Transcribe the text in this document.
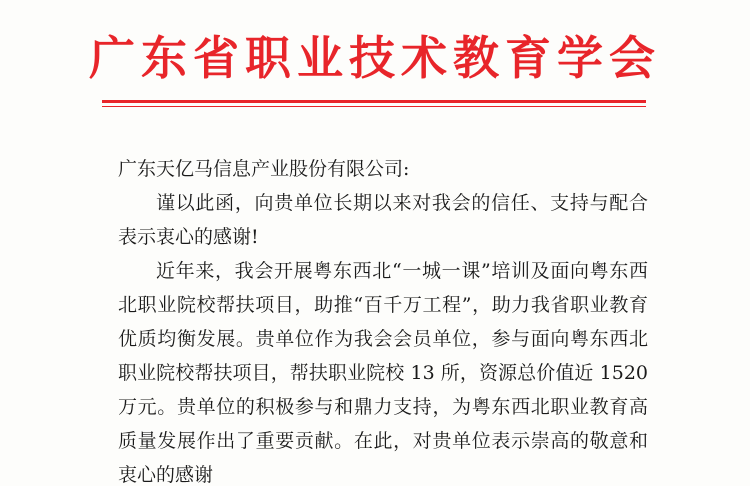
广东省职业技术教育学会

广东天亿马信息产业股份有限公司:

谨以此函，向贵单位长期以来对我会的信任、支持与配合表示衷心的感谢!

近年来，我会开展粤东西北“一城一课”培训及面向粤东西北职业院校帮扶项目，助推“百千万工程”，助力我省职业教育优质均衡发展。贵单位作为我会会员单位，参与面向粤东西北职业院校帮扶项目，帮扶职业院校 13 所，资源总价值近 1520 万元。贵单位的积极参与和鼎力支持，为粤东西北职业教育高质量发展作出了重要贡献。在此，对贵单位表示崇高的敬意和衷心的感谢
